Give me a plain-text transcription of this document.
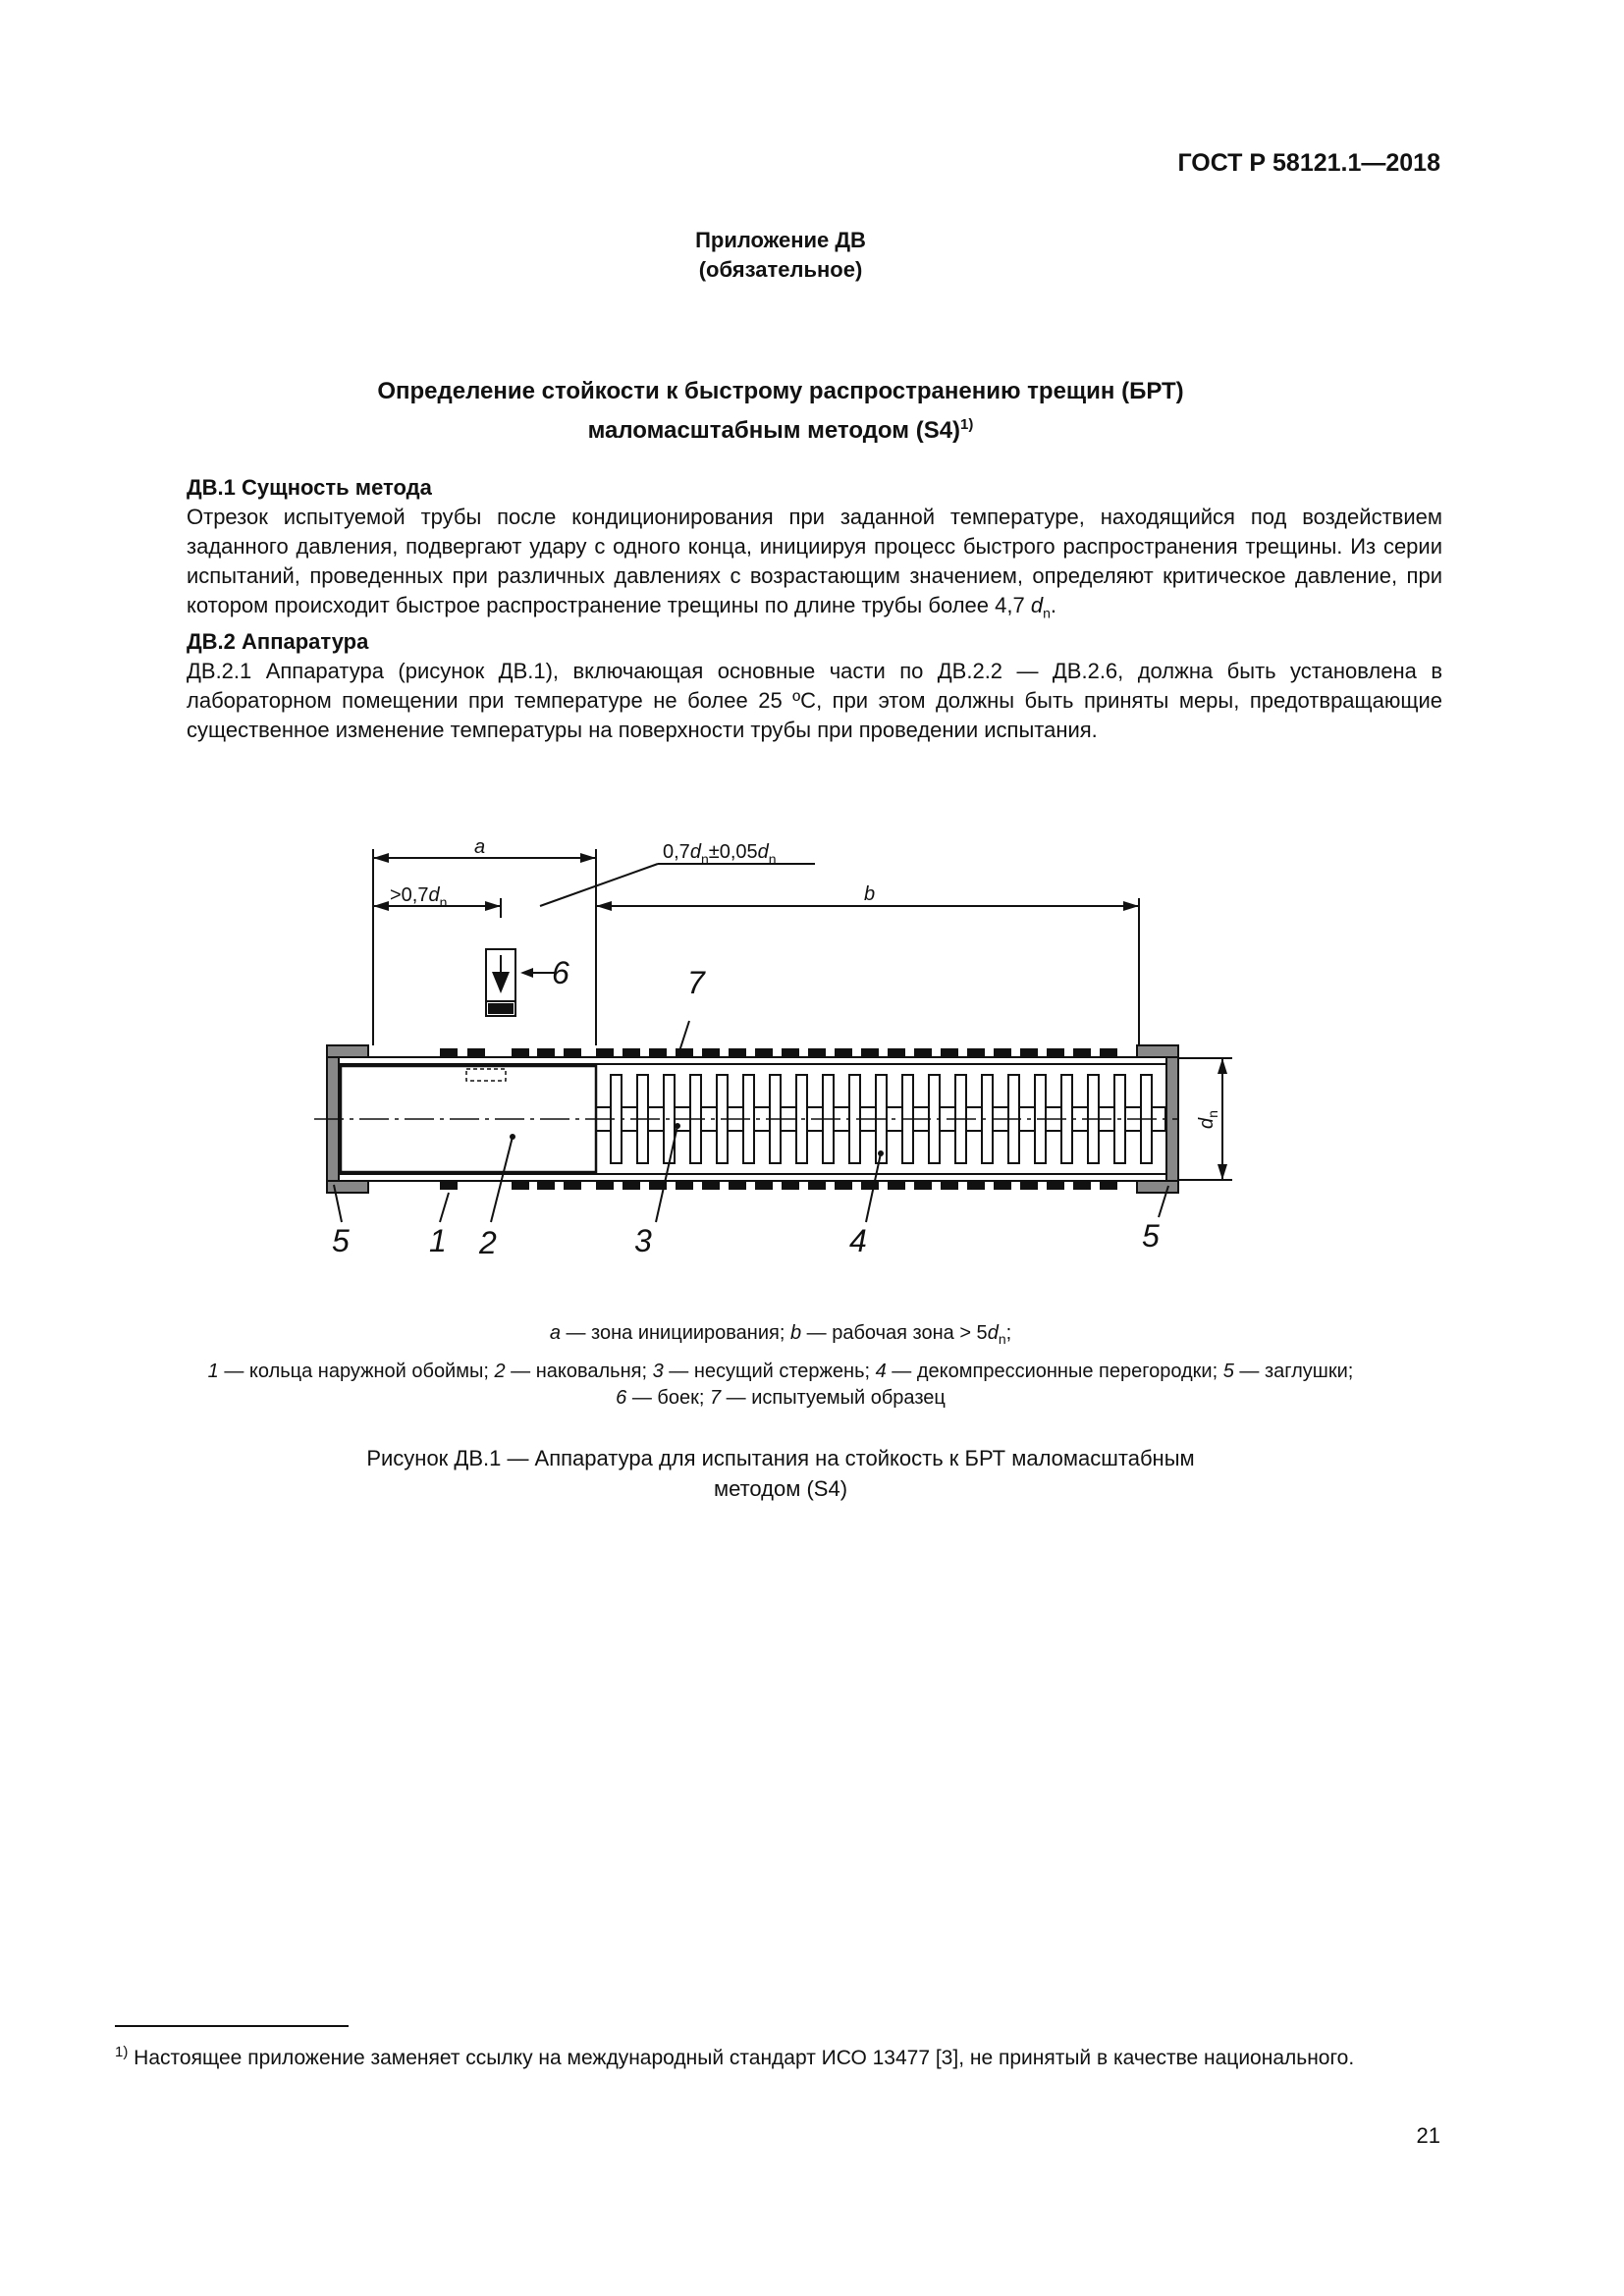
ГОСТ Р 58121.1—2018
Приложение ДВ
(обязательное)
Определение стойкости к быстрому распространению трещин (БРТ)
маломасштабным методом $(S4)^{1)}$
ДВ.1 Сущность метода
Отрезок испытуемой трубы после кондиционирования при заданной температуре, находящийся под воздействием заданного давления, подвергают удару с одного конца, инициируя процесс быстрого распространения трещины. Из серии испытаний, проведенных при различных давлениях с возрастающим значением, определяют критическое давление, при котором происходит быстрое распространение трещины по длине трубы более 4,7 $d_n$.
ДВ.2 Аппаратура
ДВ.2.1 Аппаратура (рисунок ДВ.1), включающая основные части по ДВ.2.2 — ДВ.2.6, должна быть установлена в лабораторном помещении при температуре не более 25 ºС, при этом должны быть приняты меры, предотвращающие существенное изменение температуры на поверхности трубы при проведении испытания.
a
b
$>0,7d_n$
$0,7d_n\pm 0,05d_n$
$d_n$
5	1 2	3	4	5
6	7
a — зона инициирования; b — рабочая зона > $5d_n$;
1 — кольца наружной обоймы; 2 — наковальня; 3 — несущий стержень; 4 — декомпрессионные перегородки; 5 — заглушки;
6 — боек; 7 — испытуемый образец
Рисунок ДВ.1 — Аппаратура для испытания на стойкость к БРТ маломасштабным
методом (S4)
$^{1)}$ Настоящее приложение заменяет ссылку на международный стандарт ИСО 13477 [3], не принятый в качестве национального.
21
